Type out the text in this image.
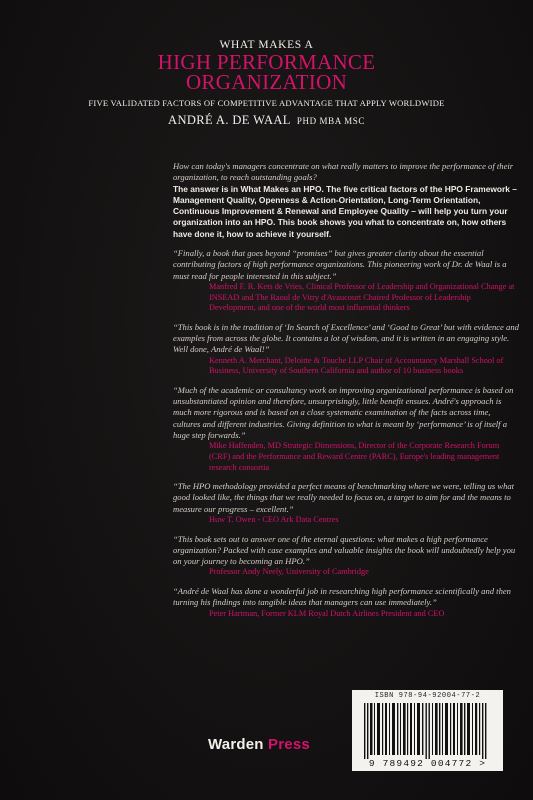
WHAT MAKES A
HIGH PERFORMANCE
ORGANIZATION
FIVE VALIDATED FACTORS OF COMPETITIVE ADVANTAGE THAT APPLY WORLDWIDE
ANDRÉ A. DE WAAL PHD MBA MSC

How can today's managers concentrate on what really matters to improve the performance of their organization, to reach outstanding goals?

The answer is in What Makes an HPO. The five critical factors of the HPO Framework – Management Quality, Openness & Action-Orientation, Long-Term Orientation, Continuous Improvement & Renewal and Employee Quality – will help you turn your organization into an HPO. This book shows you what to concentrate on, how others have done it, how to achieve it yourself.

“Finally, a book that goes beyond “promises” but gives greater clarity about the essential contributing factors of high performance organizations. This pioneering work of Dr. de Waal is a must read for people interested in this subject.”

Manfred F. R. Kets de Vries, Clinical Professor of Leadership and Organizational Change at INSEAD and The Raoul de Vitry d'Avaucourt Chaired Professor of Leadership Development, and one of the world most influential thinkers

“This book is in the tradition of ‘In Search of Excellence’ and ‘Good to Great’ but with evidence and examples from across the globe. It contains a lot of wisdom, and it is written in an engaging style. Well done, André de Waal!”

Kenneth A. Merchant, Deloitte & Touche LLP Chair of Accountancy Marshall School of Business, University of Southern California and author of 10 business books

“Much of the academic or consultancy work on improving organizational performance is based on unsubstantiated opinion and therefore, unsurprisingly, little benefit ensues. André's approach is much more rigorous and is based on a close systematic examination of the facts across time, cultures and different industries. Giving definition to what is meant by ‘performance’ is of itself a huge step forwards.”

Mike Haffenden, MD Strategic Dimensions, Director of the Corporate Research Forum (CRF) and the Performance and Reward Centre (PARC), Europe's leading management research consortia

“The HPO methodology provided a perfect means of benchmarking where we were, telling us what good looked like, the things that we really needed to focus on, a target to aim for and the means to measure our progress – excellent.”

Huw T. Owen - CEO Ark Data Centres

“This book sets out to answer one of the eternal questions: what makes a high performance organization? Packed with case examples and valuable insights the book will undoubtedly help you on your journey to becoming an HPO.”

Professor Andy Neely, University of Cambridge

“André de Waal has done a wonderful job in researching high performance scientifically and then turning his findings into tangible ideas that managers can use immediately.”

Peter Hartman, Former KLM Royal Dutch Airlines President and CEO

ISBN 978-94-92004-77-2
9 789492 004772 >
Warden Press
